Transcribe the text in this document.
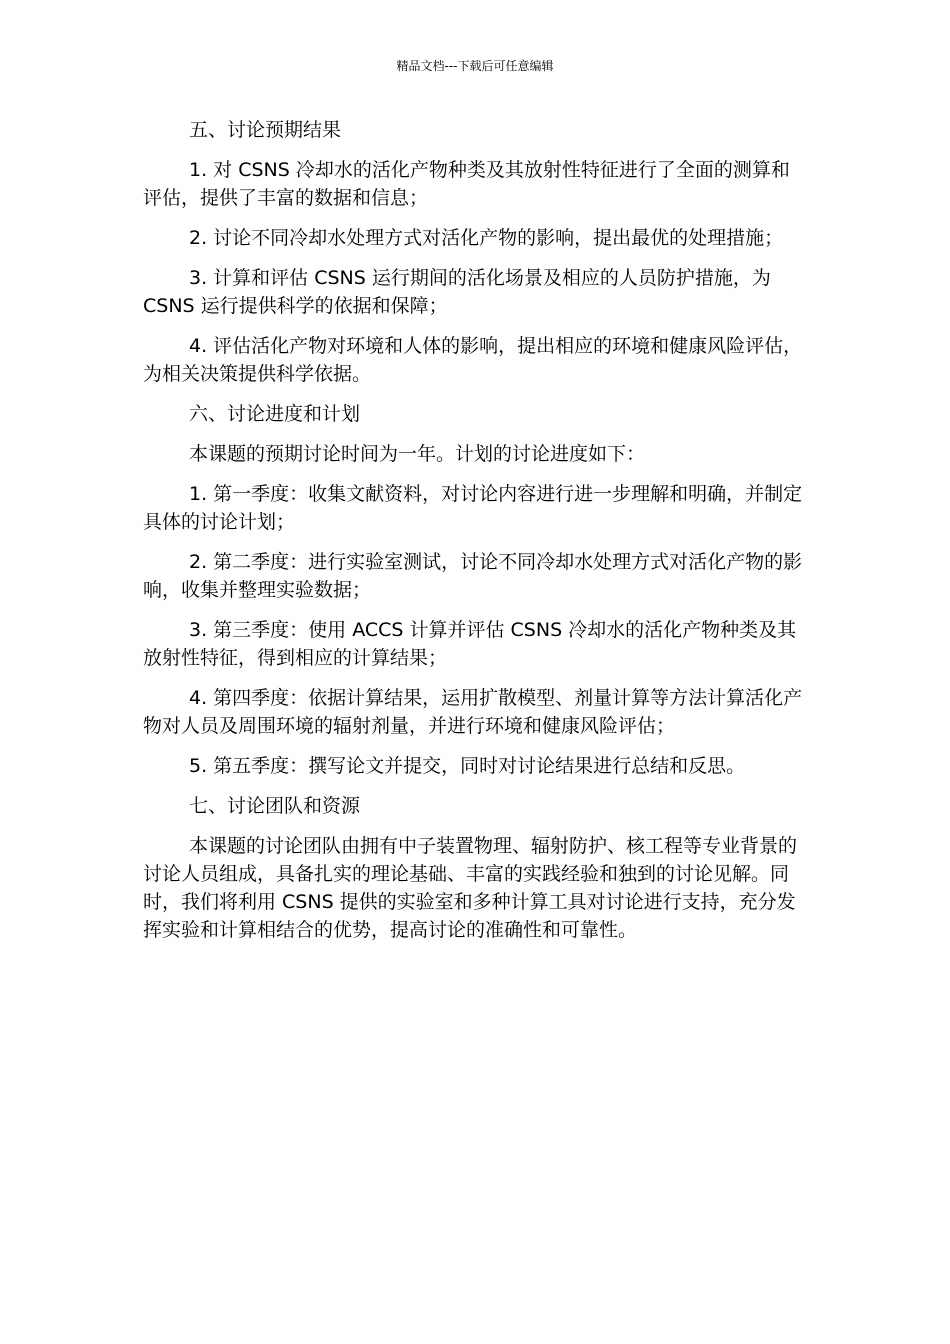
精品文档---下载后可任意编辑

五、讨论预期结果

1. 对 CSNS 冷却水的活化产物种类及其放射性特征进行了全面的测算和评估，提供了丰富的数据和信息；

2. 讨论不同冷却水处理方式对活化产物的影响，提出最优的处理措施；

3. 计算和评估 CSNS 运行期间的活化场景及相应的人员防护措施，为 CSNS 运行提供科学的依据和保障；

4. 评估活化产物对环境和人体的影响，提出相应的环境和健康风险评估，为相关决策提供科学依据。

六、讨论进度和计划

本课题的预期讨论时间为一年。计划的讨论进度如下：

1. 第一季度：收集文献资料，对讨论内容进行进一步理解和明确，并制定具体的讨论计划；

2. 第二季度：进行实验室测试，讨论不同冷却水处理方式对活化产物的影响，收集并整理实验数据；

3. 第三季度：使用 ACCS 计算并评估 CSNS 冷却水的活化产物种类及其放射性特征，得到相应的计算结果；

4. 第四季度：依据计算结果，运用扩散模型、剂量计算等方法计算活化产物对人员及周围环境的辐射剂量，并进行环境和健康风险评估；

5. 第五季度：撰写论文并提交，同时对讨论结果进行总结和反思。

七、讨论团队和资源

本课题的讨论团队由拥有中子装置物理、辐射防护、核工程等专业背景的讨论人员组成，具备扎实的理论基础、丰富的实践经验和独到的讨论见解。同时，我们将利用 CSNS 提供的实验室和多种计算工具对讨论进行支持，充分发挥实验和计算相结合的优势，提高讨论的准确性和可靠性。
